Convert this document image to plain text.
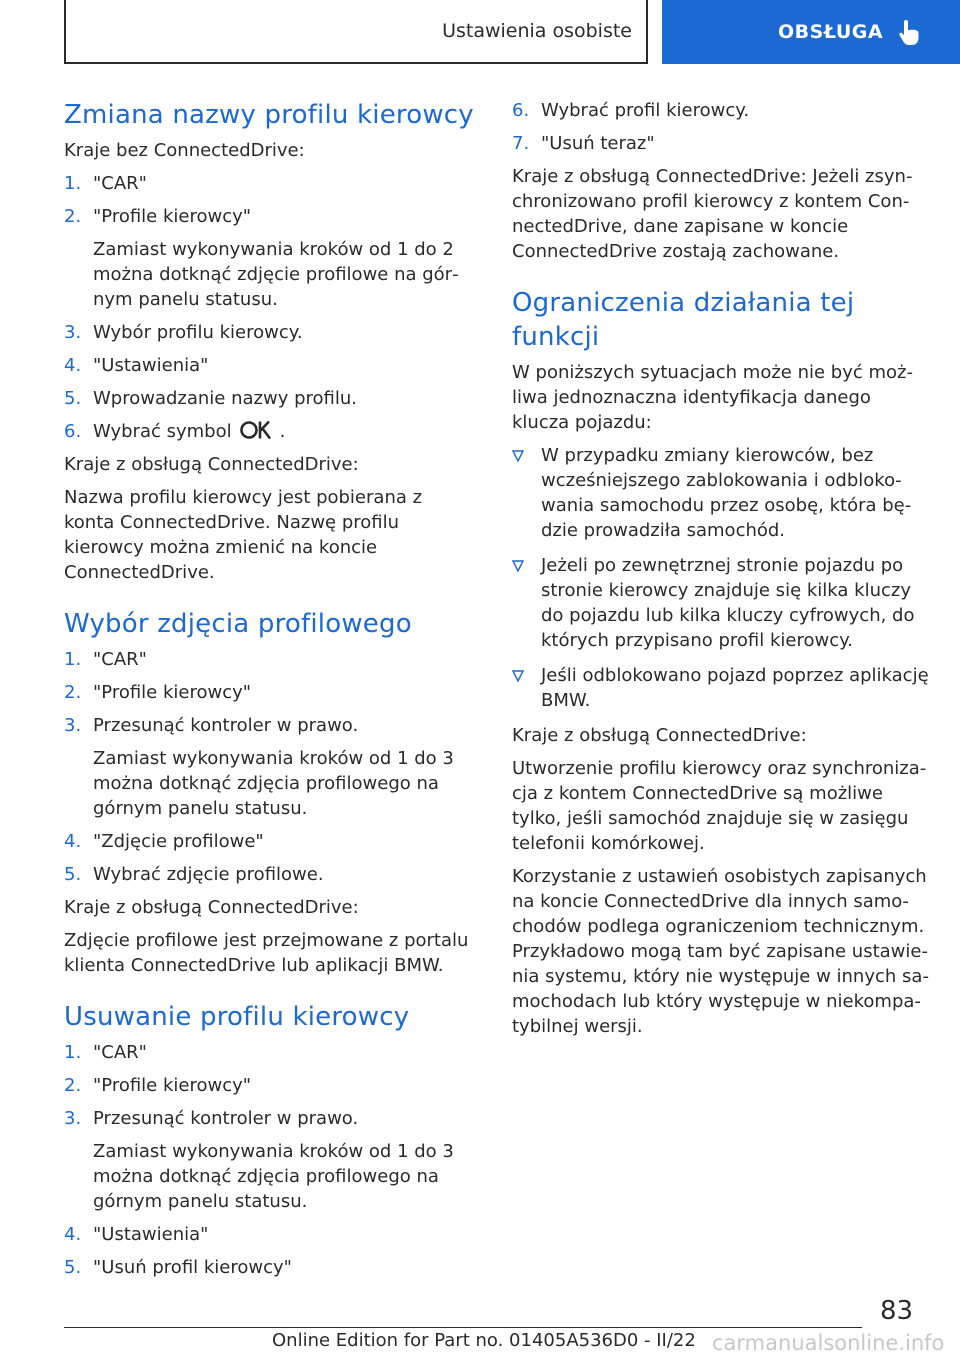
Ustawienia osobiste	OBSŁUGA
Zmiana nazwy profilu kierowcy

Kraje bez ConnectedDrive:

1. "CAR"
2. "Profile kierowcy"
Zamiast wykonywania kroków od 1 do 2 można dotknąć zdjęcie profilowe na górnym panelu statusu.
3. Wybór profilu kierowcy.
4. "Ustawienia"
5. Wprowadzanie nazwy profilu.
6. Wybrać symbol	.

Kraje z obsługą ConnectedDrive:

Nazwa profilu kierowcy jest pobierana z konta ConnectedDrive. Nazwę profilu kierowcy można zmienić na koncie ConnectedDrive.

Wybór zdjęcia profilowego
1. "CAR"
2. "Profile kierowcy"
3. Przesunąć kontroler w prawo.
Zamiast wykonywania kroków od 1 do 3 można dotknąć zdjęcia profilowego na górnym panelu statusu.
4. "Zdjęcie profilowe"
5. Wybrać zdjęcie profilowe.

Kraje z obsługą ConnectedDrive:

Zdjęcie profilowe jest przejmowane z portalu klienta ConnectedDrive lub aplikacji BMW.

Usuwanie profilu kierowcy
1. "CAR"
2. "Profile kierowcy"
3. Przesunąć kontroler w prawo.
Zamiast wykonywania kroków od 1 do 3 można dotknąć zdjęcia profilowego na górnym panelu statusu.
4. "Ustawienia"
5. "Usuń profil kierowcy"
6. Wybrać profil kierowcy.
7. "Usuń teraz"

Kraje z obsługą ConnectedDrive: Jeżeli zsynchronizowano profil kierowcy z kontem ConnectedDrive, dane zapisane w koncie ConnectedDrive zostają zachowane.

Ograniczenia działania tej funkcji

W poniższych sytuacjach może nie być możliwa jednoznaczna identyfikacja danego klucza pojazdu:

W przypadku zmiany kierowców, bez wcześniejszego zablokowania i odblokowania samochodu przez osobę, która będzie prowadziła samochód.
Jeżeli po zewnętrznej stronie pojazdu po stronie kierowcy znajduje się kilka kluczy do pojazdu lub kilka kluczy cyfrowych, do których przypisano profil kierowcy.
Jeśli odblokowano pojazd poprzez aplikację BMW.

Kraje z obsługą ConnectedDrive:

Utworzenie profilu kierowcy oraz synchronizacja z kontem ConnectedDrive są możliwe tylko, jeśli samochód znajduje się w zasięgu telefonii komórkowej.

Korzystanie z ustawień osobistych zapisanych na koncie ConnectedDrive dla innych samochodów podlega ograniczeniom technicznym. Przykładowo mogą tam być zapisane ustawienia systemu, który nie występuje w innych samochodach lub który występuje w niekompatybilnej wersji.

83
Online Edition for Part no. 01405A536D0 - II/22 carmanualsonline.info
